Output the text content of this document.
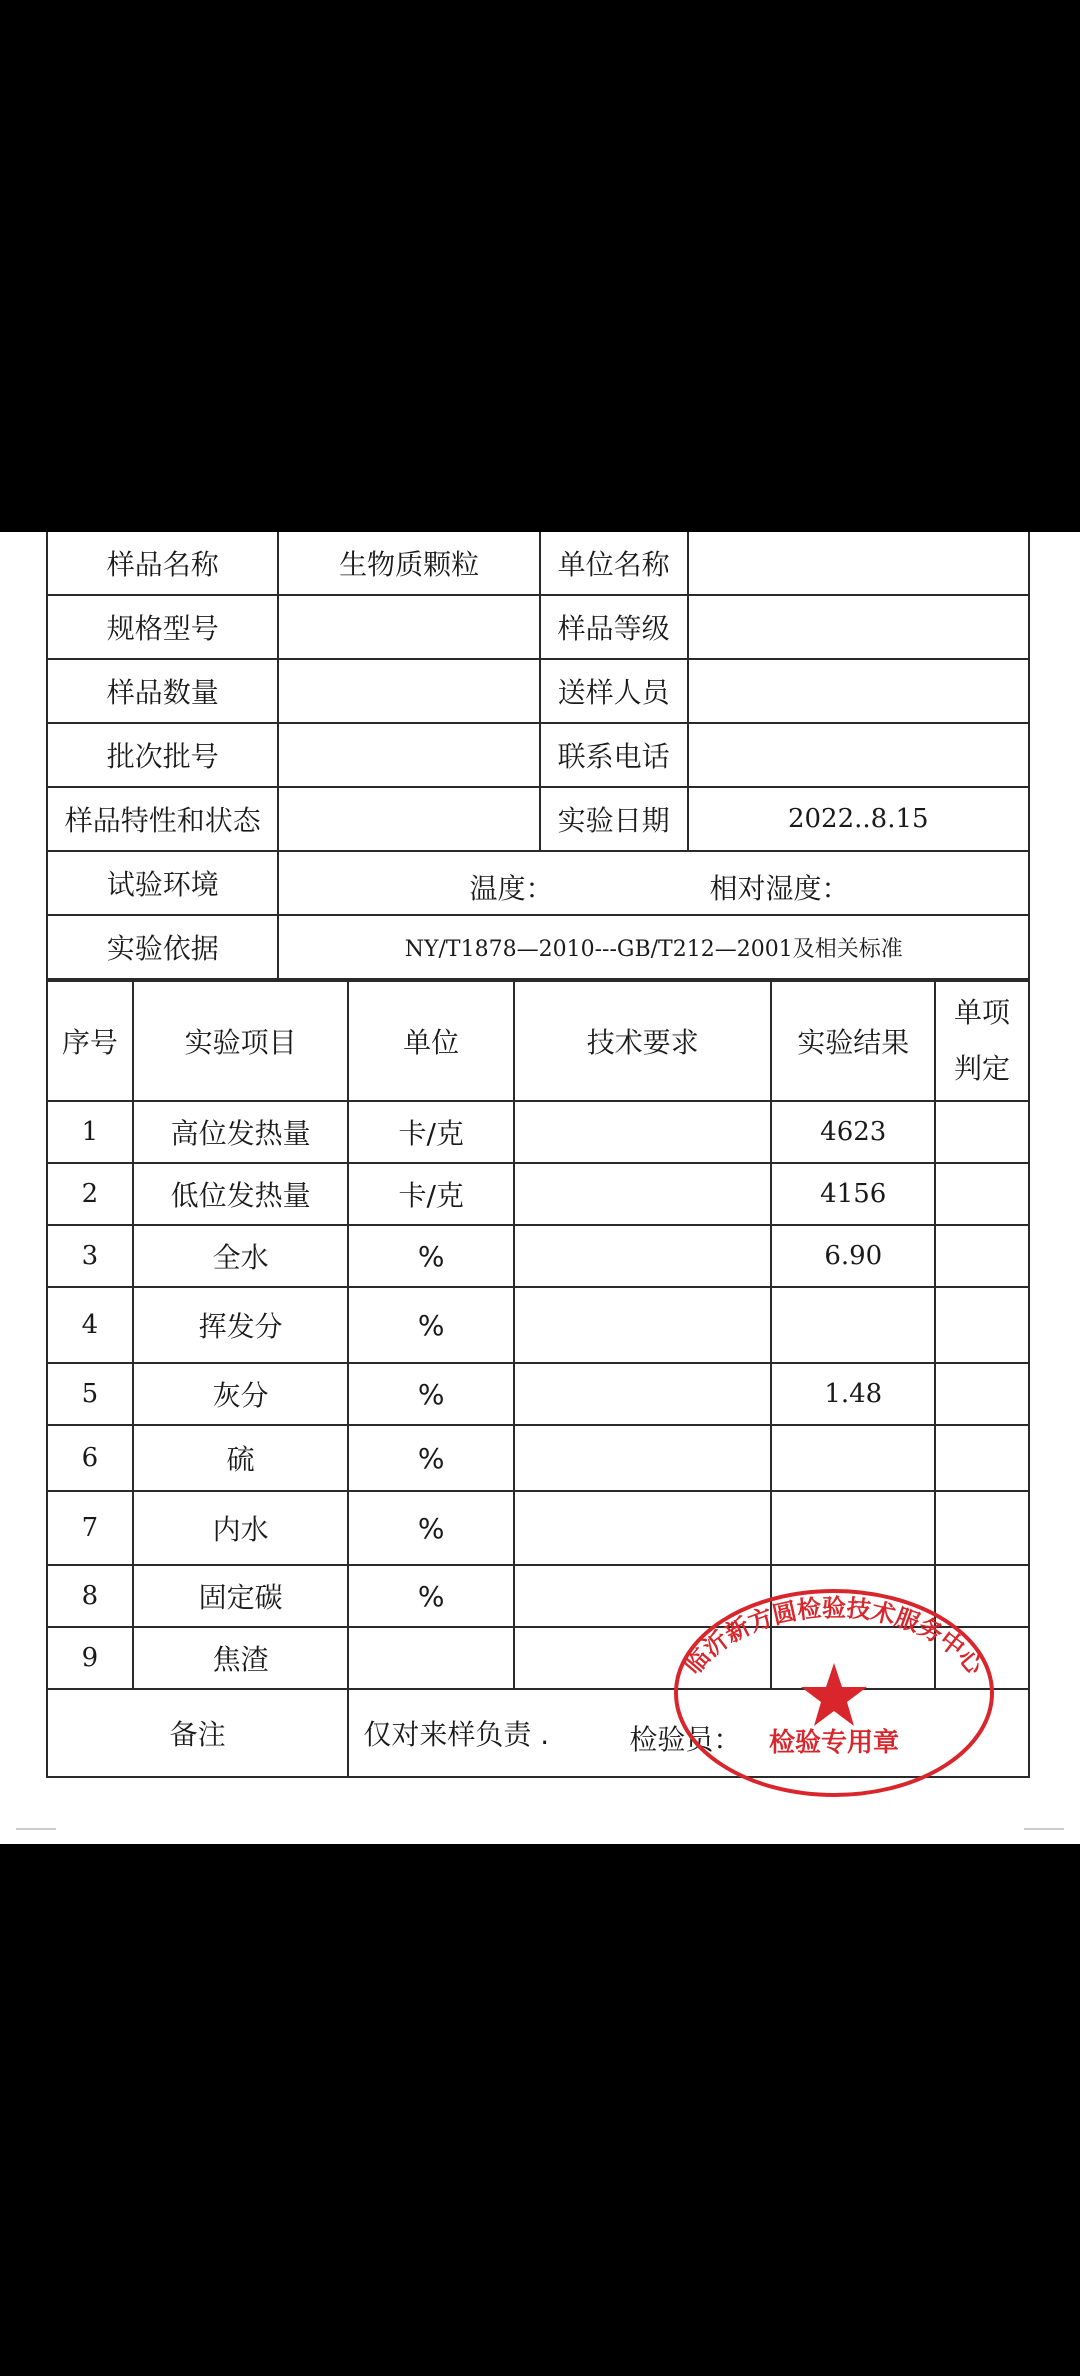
样品名称	生物质颗粒	单位名称	
规格型号		样品等级	
样品数量		送样人员	
批次批号		联系电话	
样品特性和状态		实验日期	2022..8.15
试验环境	温度： 相对湿度：		

实验依据	NY/T1878—2010---GB/T212—2001及相关标准		
序号	实验项目	单位	技术要求	实验结果	单项
判定
1	高位发热量	卡/克		4623	
2	低位发热量	卡/克		4156	
3	全水	%		6.90	
4	挥发分	%			
5	灰分	%		1.48	
6	硫	%			
7	内水	%			
8	固定碳	%			
9	焦渣				
备注		仅对来样负责 . 检验员：			
临沂新方圆检验技术服务中心
检验专用章
